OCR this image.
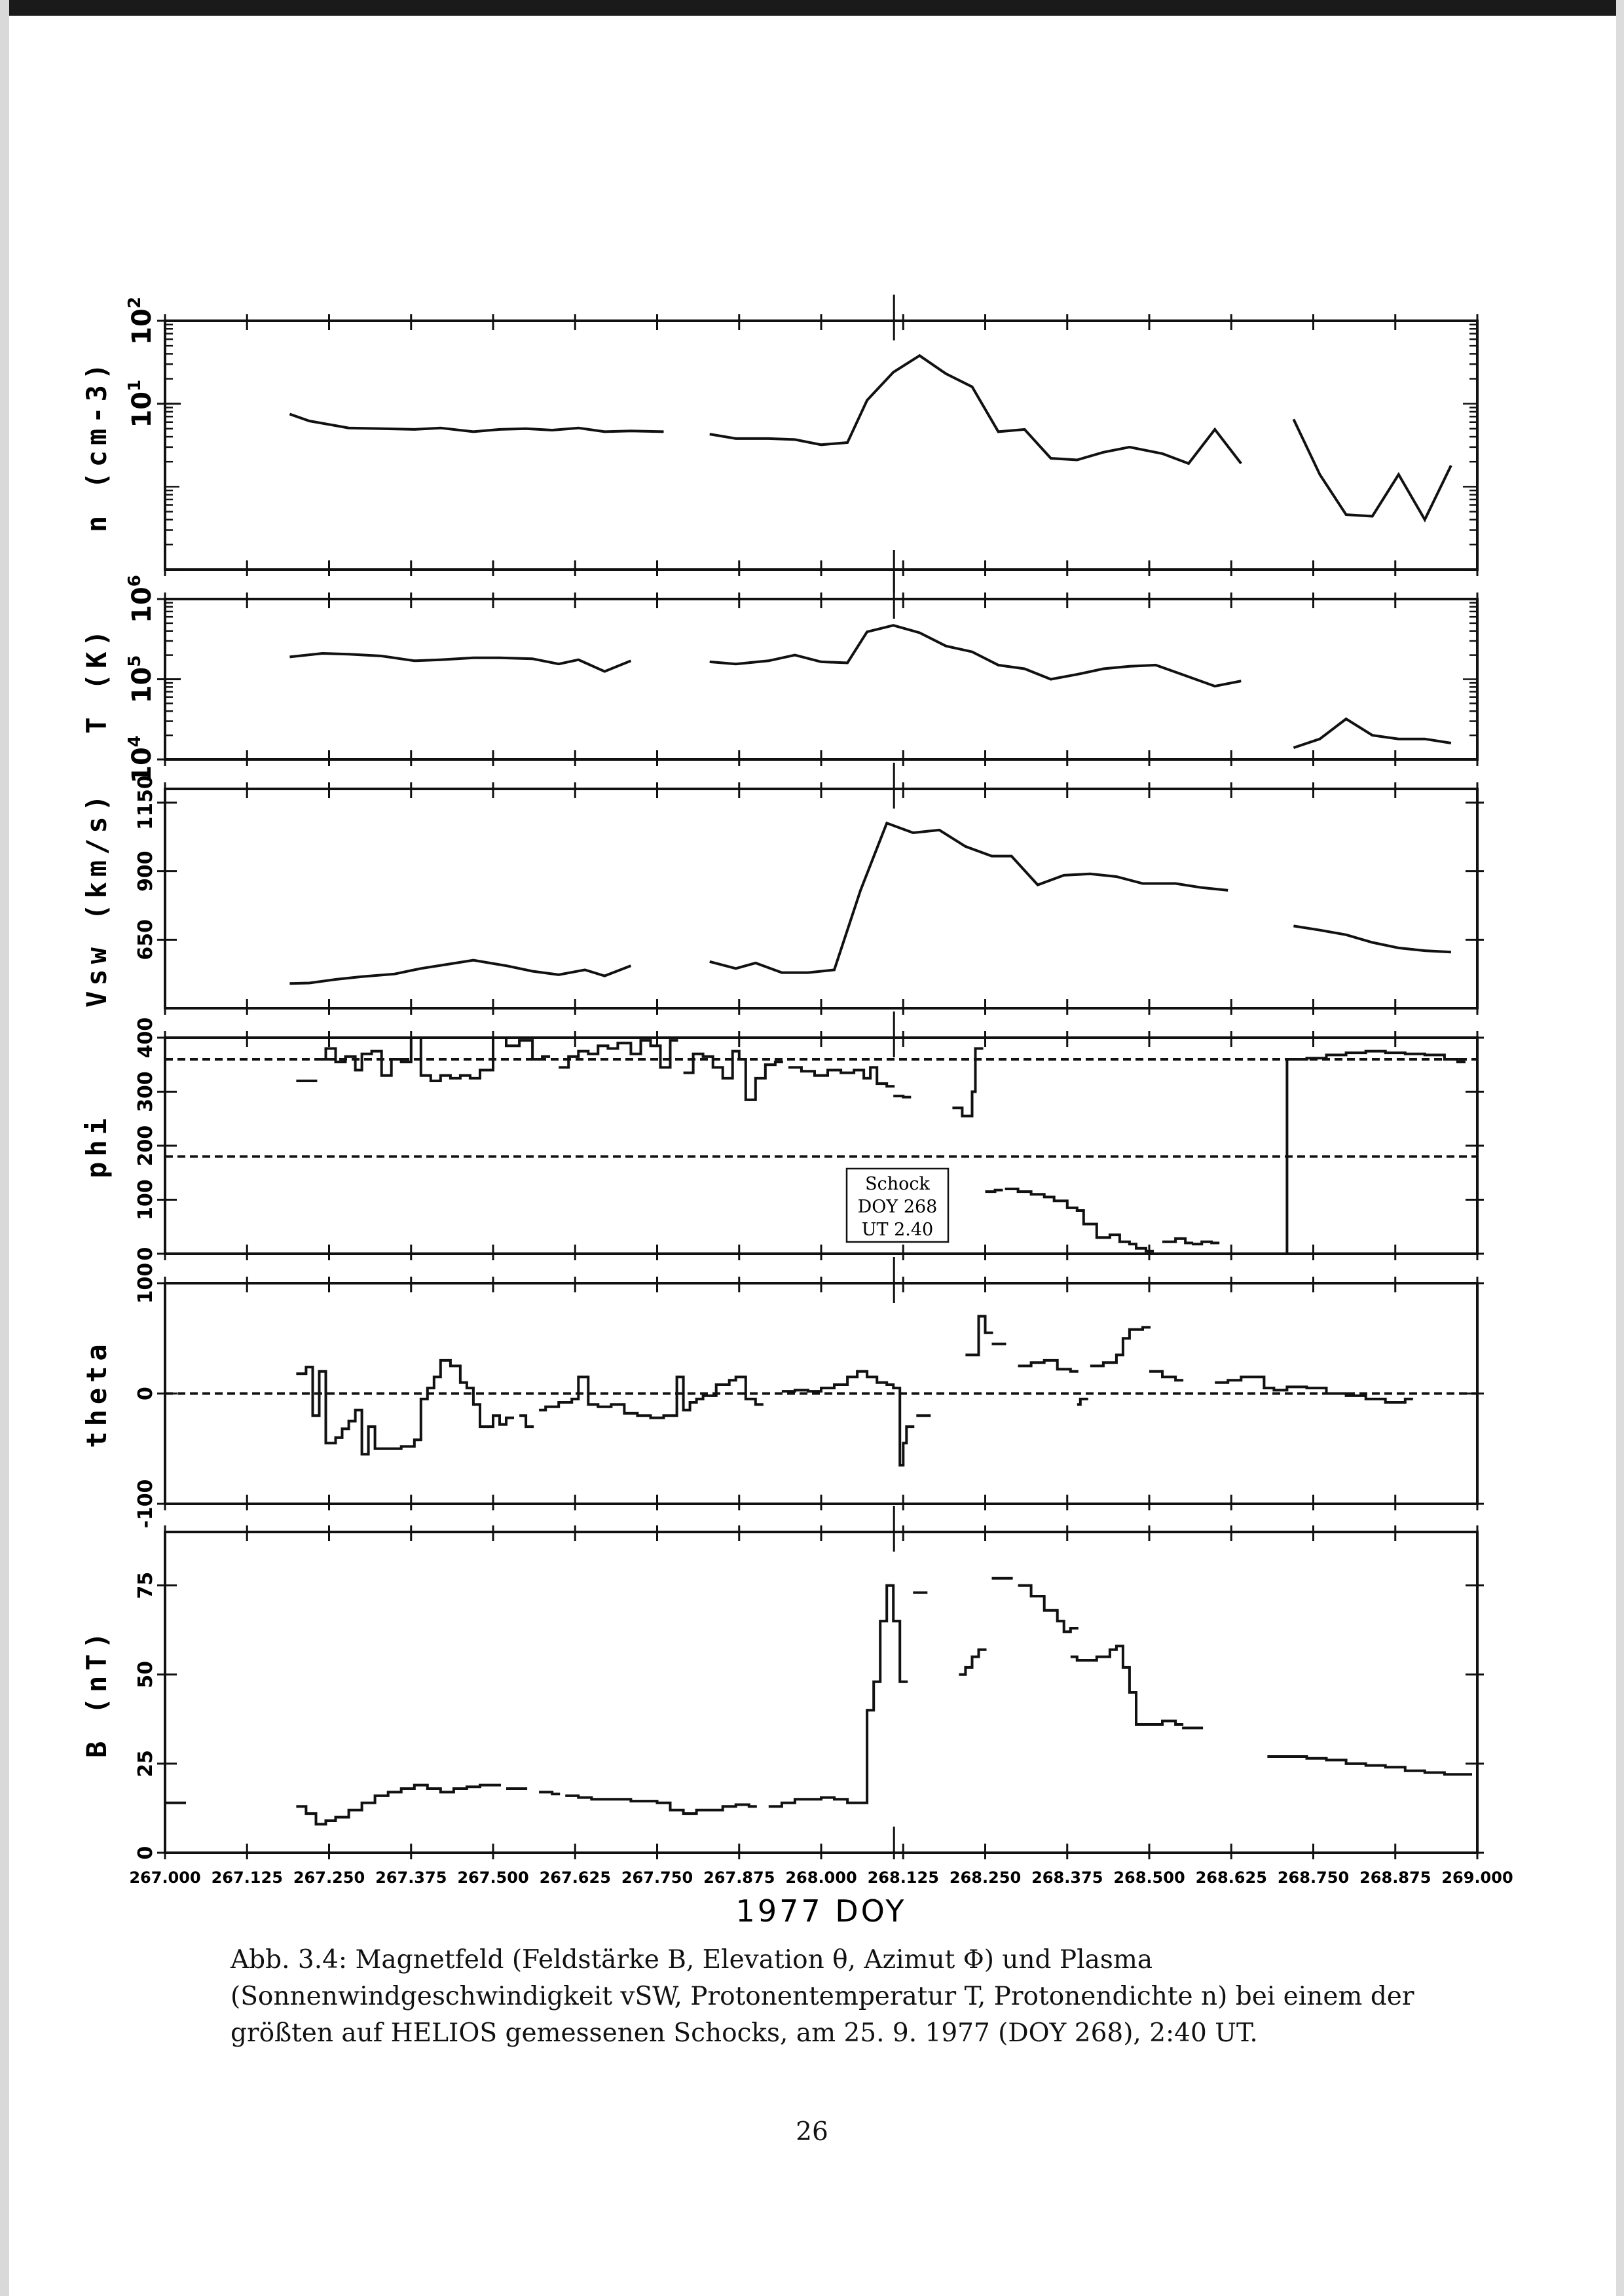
$10^1$
$10^2$
n (cm-3)
$10^4$
$10^5$
$10^6$
T (K)
650
900
1150
Vsw (km/s)
0
100
200
300
400
phi
Schock
DOY 268
UT 2.40
-100
0
100
theta
0
25
50
75
B (nT)
267.000 267.125 267.250 267.375 267.500 267.625 267.750 267.875 268.000 268.125 268.250 268.375 268.500 268.625 268.750 268.875 269.000
1977 DOY
Abb. 3.4: Magnetfeld (Feldstärke B, Elevation θ, Azimut Φ) und Plasma (Sonnenwindgeschwindigkeit vSW, Protonentemperatur T, Protonendichte n) bei einem der größten auf HELIOS gemessenen Schocks, am 25. 9. 1977 (DOY 268), 2:40 UT.
26
